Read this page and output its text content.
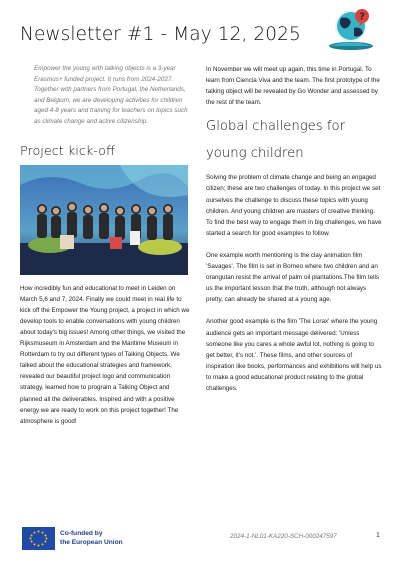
Newsletter #1 - May 12, 2025
?

Empower the young with talking objects is a 3-year Erasmus+ funded project. It runs from 2024-2027. Together with partners from Portugal, the Netherlands, and Belgium, we are developing activities for children aged 4-8 years and training for teachers on topics such as climate change and active citizenship.

Project kick-off

How incredibly fun and educational to meet in Leiden on March 5,6 and 7, 2024. Finally we could meet in real life to kick off the Empower the Young project, a project in which we develop tools to enable conversations with young children about today's big issues! Among other things, we visited the Rijksmuseum in Amsterdam and the Maritime Museum in Rotterdam to try out different types of Talking Objects. We talked about the educational strategies and framework, revealed our beautiful project logo and communication strategy, learned how to program a Talking Object and planned all the deliverables. Inspired and with a positive energy we are ready to work on this project together! The atmosphere is good!

In November we will meet up again, this time in Portugal. To learn from Ciencia Viva and the team. The first prototype of the talking object will be revealed by Go Wonder and assessed by the rest of the team.

Global challenges for young children

Solving the problem of climate change and being an engaged citizen; these are two challenges of today. In this project we set ourselves the challenge to discuss these topics with young children. And young children are masters of creative thinking. To find the best way to engage them in big challenges, we have started a search for good examples to follow.

One example worth mentioning is the clay animation film 'Savages'. The film is set in Borneo where two children and an orangutan resist the arrival of palm oil plantations.The film tells us the important lesson that the truth, although not always pretty, can already be shared at a young age.

Another good example is the film 'The Lorax' where the young audience gets an important message delivered: 'Unless someone like you cares a whole awful lot, nothing is going to get better, it's not.'. These films, and other sources of inspiration like books, performances and exhibitions will help us to make a good educational product relating to the global challenges.

Co-funded by
the European Union
2024-1-NL01-KA220-SCH-000247597	1
